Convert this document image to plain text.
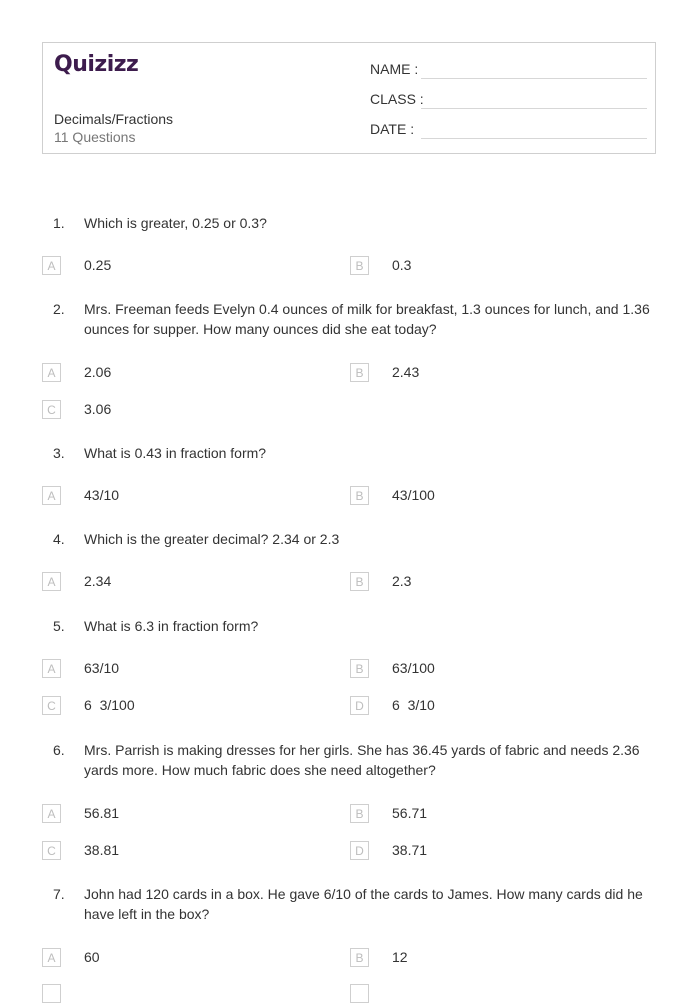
Quizizz
Decimals/Fractions
11 Questions
NAME :
CLASS :
DATE :
1.	Which is greater, 0.25 or 0.3?
A	0.25	B	0.3
2.	Mrs. Freeman feeds Evelyn 0.4 ounces of milk for breakfast, 1.3 ounces for lunch, and 1.36 ounces for supper. How many ounces did she eat today?
A	2.06	B	2.43
C	3.06
3.	What is 0.43 in fraction form?
A	43/10	B	43/100
4.	Which is the greater decimal? 2.34 or 2.3
A	2.34	B	2.3
5.	What is 6.3 in fraction form?
A	63/10	B	63/100
C	6  3/100	D	6  3/10
6.	Mrs. Parrish is making dresses for her girls. She has 36.45 yards of fabric and needs 2.36 yards more. How much fabric does she need altogether?
A	56.81	B	56.71
C	38.81	D	38.71
7.	John had 120 cards in a box. He gave 6/10 of the cards to James. How many cards did he have left in the box?
A	60	B	12
